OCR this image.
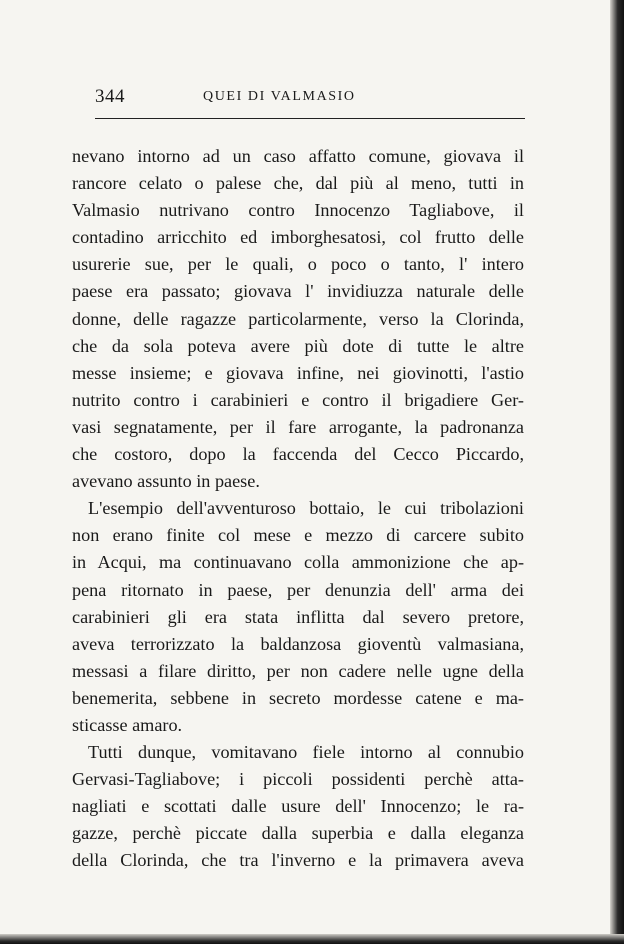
344	QUEI DI VALMASIO
nevano intorno ad un caso affatto comune, giovava il
rancore celato o palese che, dal più al meno, tutti in
Valmasio nutrivano contro Innocenzo Tagliabove, il
contadino arricchito ed imborghesatosi, col frutto delle
usurerie sue, per le quali, o poco o tanto, l' intero
paese era passato; giovava l' invidiuzza naturale delle
donne, delle ragazze particolarmente, verso la Clorinda,
che da sola poteva avere più dote di tutte le altre
messe insieme; e giovava infine, nei giovinotti, l'astio
nutrito contro i carabinieri e contro il brigadiere Ger-
vasi segnatamente, per il fare arrogante, la padronanza
che costoro, dopo la faccenda del Cecco Piccardo,
avevano assunto in paese.
L'esempio dell'avventuroso bottaio, le cui tribolazioni
non erano finite col mese e mezzo di carcere subito
in Acqui, ma continuavano colla ammonizione che ap-
pena ritornato in paese, per denunzia dell' arma dei
carabinieri gli era stata inflitta dal severo pretore,
aveva terrorizzato la baldanzosa gioventù valmasiana,
messasi a filare diritto, per non cadere nelle ugne della
benemerita, sebbene in secreto mordesse catene e ma-
sticasse amaro.
Tutti dunque, vomitavano fiele intorno al connubio
Gervasi-Tagliabove; i piccoli possidenti perchè atta-
nagliati e scottati dalle usure dell' Innocenzo; le ra-
gazze, perchè piccate dalla superbia e dalla eleganza
della Clorinda, che tra l'inverno e la primavera aveva
